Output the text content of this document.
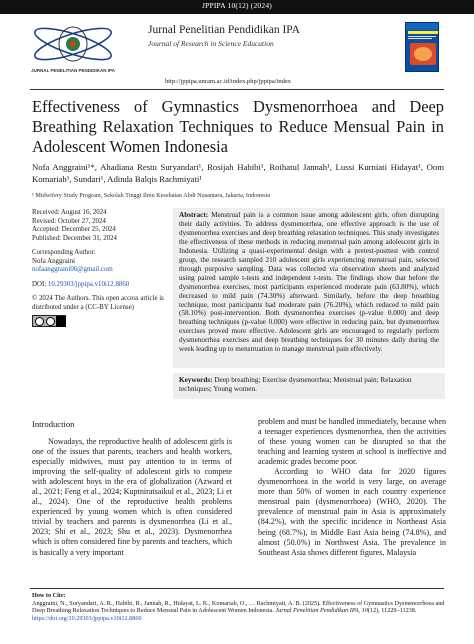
JPPIPA 10(12) (2024)
JURNAL PENELITIAN PENDIDIKAN IPA
Jurnal Penelitian Pendidikan IPA
Journal of Research in Science Education
http://jppipa.unram.ac.id/index.php/jppipa/index
Effectiveness of Gymnastics Dysmenorrhoea and Deep Breathing Relaxation Techniques to Reduce Mensual Pain in Adolescent Women Indonesia
Nofa Anggraini¹*, Ahadiana Restu Suryandari¹, Rosijah Habibi¹, Roihatul Jannah¹, Lussi Kurniati Hidayat¹, Oom Komariah¹, Sundari¹, Adinda Balqis Rachmiyati¹
¹ Midwifery Study Program, Sekolah Tinggi Ilmu Kesehatan Abdi Nusantara, Jakarta, Indonesia
Received: August 16, 2024
Revised: October 27, 2024
Accepted: December 25, 2024
Published: December 31, 2024
Corresponding Author:
Nofa Anggraini
nofaanggraini06@gmail.com
DOI: 10.29303/jppipa.v10i12.8860
© 2024 The Authors. This open access article is distributed under a (CC-BY License)
Abstract: Menstrual pain is a common issue among adolescent girls, often disrupting their daily activities. To address dysmenorrhea, one effective approach is the use of dysmenorrhea exercises and deep breathing relaxation techniques. This study investigates the effectiveness of these methods in reducing menstrual pain among adolescent girls in Indonesia. Utilizing a quasi-experimental design with a pretest-posttest with control group, the research sampled 210 adolescent girls experiencing menstrual pain, selected through purposive sampling. Data was collected via observation sheets and analyzed using paired sample t-tests and independent t-tests. The findings show that before the dysmenorrhea exercises, most participants experienced moderate pain (63.80%), which decreased to mild pain (74.30%) afterward. Similarly, before the deep breathing technique, most participants had moderate pain (76.20%), which reduced to mild pain (58.10%) post-intervention. Both dysmenorrhea exercises (p-value 0.000) and deep breathing techniques (p-value 0.000) were effective in reducing pain, but dysmenorrhea exercises proved more effective. Adolescent girls are encouraged to regularly perform dysmenorrhea exercises and deep breathing techniques for 30 minutes daily during the week leading up to menstruation to manage menstrual pain effectively.
Keywords: Deep breathing; Exercise dysmenorrhea; Menstrual pain; Relaxation techniques; Young women.
Introduction
Nowadays, the reproductive health of adolescent girls is one of the issues that parents, teachers and health workers, especially midwives, must pay attention to in terms of improving the self-quality of adolescent girls to compete with adolescent boys in the era of globalization (Azward et al., 2021; Feng et al., 2024; Kuptniratsaikul et al., 2023; Li et al., 2024). One of the reproductive health problems experienced by young women which is often considered trivial by teachers and parents is dysmenorrhea (Li et al., 2023; Shi et al., 2023; Shu et al., 2023). Dysmenorrhea which is often considered fine by parents and teachers, which is basically a very important
problem and must be handled immediately, because when a teenager experiences dysmenorrhea, then the activities of these young women can be disrupted so that the teaching and learning system at school is ineffective and academic grades become poor.
According to WHO data for 2020 figures dysmenorrhoea in the world is very large, on average more than 50% of women in each country experience menstrual pain (dysmenorrhoea) (WHO, 2020). The prevalence of menstrual pain in Asia is approximately (84.2%), with the specific incidence in Northeast Asia being (68.7%), in Middle East Asia being (74.8%), and almost (50.0%) in Northwest Asia. The prevalence in Southeast Asia shows different figures, Malaysia
How to Cite:
Anggraini, N., Suryandari, A. R., Habibi, R., Jannah, R., Hidayat, L. K., Komariah, O., … Rachmiyati, A. B. (2025). Effectiveness of Gymnastics Dysmenorrhoea and Deep Breathing Relaxation Techniques to Reduce Mensual Pain in Adolescent Women Indonesia. Jurnal Penelitian Pendidikan IPA, 10(12), 11229–11238. https://doi.org/10.29303/jppipa.v10i12.8860
